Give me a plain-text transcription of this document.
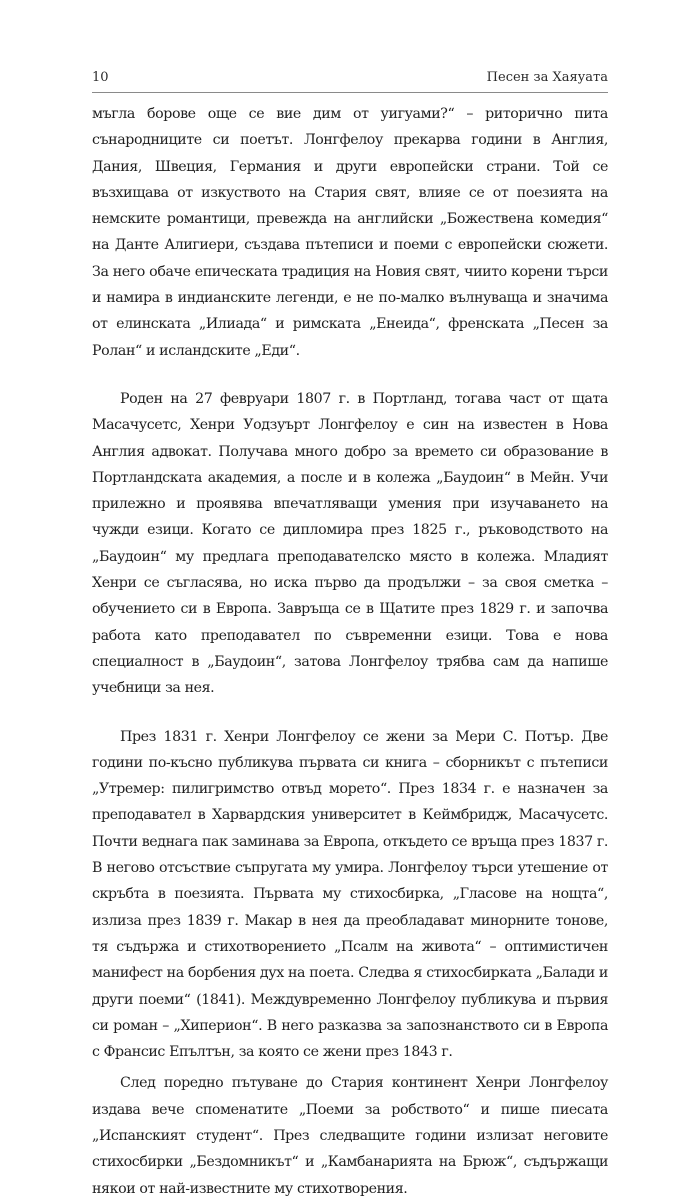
10	Песен за Хаяуата

мъгла борове още се вие дим от уигуами?“ – риторично пита сънародниците си поетът. Лонгфелоу прекарва години в Англия, Дания, Швеция, Германия и други европейски страни. Той се възхищава от изкуството на Стария свят, влияе се от поезията на немските романтици, превежда на английски „Божествена комедия“ на Данте Алигиери, създава пътеписи и поеми с европейски сюжети. За него обаче епическата традиция на Новия свят, чиито корени търси и намира в индианските легенди, е не по-малко вълнуваща и значима от елинската „Илиада“ и римската „Енеида“, френската „Песен за Ролан“ и исландските „Еди“.

Роден на 27 февруари 1807 г. в Портланд, тогава част от щата Масачусетс, Хенри Уодзуърт Лонгфелоу е син на известен в Нова Англия адвокат. Получава много добро за времето си образование в Портландската академия, а после и в колежа „Баудоин“ в Мейн. Учи прилежно и проявява впечатляващи умения при изучаването на чужди езици. Когато се дипломира през 1825 г., ръководството на „Баудоин“ му предлага преподавателско място в колежа. Младият Хенри се съгласява, но иска първо да продължи – за своя сметка – обучението си в Европа. Завръща се в Щатите през 1829 г. и започва работа като преподавател по съвременни езици. Това е нова специалност в „Баудоин“, затова Лонгфелоу трябва сам да напише учебници за нея.

През 1831 г. Хенри Лонгфелоу се жени за Мери С. Потър. Две години по-късно публикува първата си книга – сборникът с пътеписи „Утремер: пилигримство отвъд морето“. През 1834 г. е назначен за преподавател в Харвардския университет в Кеймбридж, Масачусетс. Почти веднага пак заминава за Европа, откъдето се връща през 1837 г. В негово отсъствие съпругата му умира. Лонгфелоу търси утешение от скръбта в поезията. Първата му стихосбирка, „Гласове на нощта“, излиза през 1839 г. Макар в нея да преобладават минорните тонове, тя съдържа и стихотворението „Псалм на живота“ – оптимистичен манифест на борбения дух на поета. Следва я стихосбирката „Балади и други поеми“ (1841). Междувременно Лонгфелоу публикува и първия си роман – „Хиперион“. В него разказва за запознанството си в Европа с Франсис Епълтън, за която се жени през 1843 г.

След поредно пътуване до Стария континент Хенри Лонгфелоу издава вече споменатите „Поеми за робството“ и пише пиесата „Испанският студент“. През следващите години излизат неговите стихосбирки „Бездомникът“ и „Камбанарията на Брюж“, съдържащи някои от най-известните му стихотворения.
